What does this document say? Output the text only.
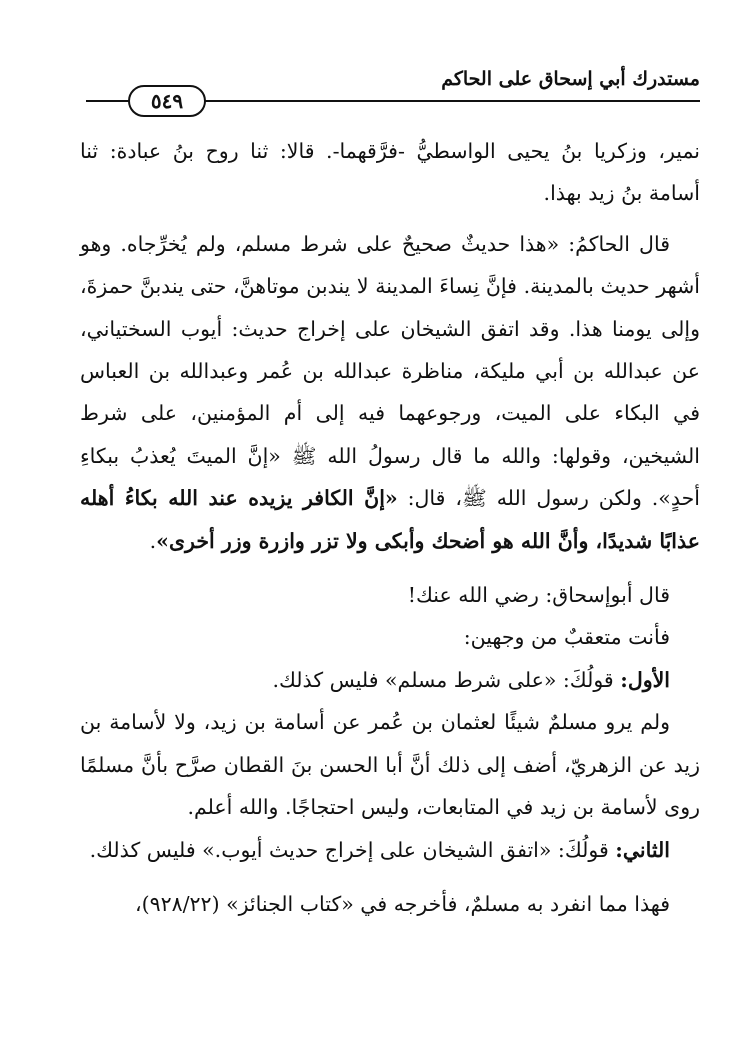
مستدرك أبي إسحاق على الحاكم
٥٤٩

نمير، وزكريا بنُ يحيى الواسطيُّ -فرَّقهما-. قالا: ثنا روح بنُ عبادة: ثنا أسامة بنُ زيد بهذا.

قال الحاكمُ: «هذا حديثٌ صحيحٌ على شرط مسلم، ولم يُخرِّجاه. وهو أشهر حديث بالمدينة. فإنَّ نِساءَ المدينة لا يندبن موتاهنَّ، حتى يندبنَّ حمزةَ، وإلى يومنا هذا. وقد اتفق الشيخان على إخراج حديث: أيوب السختياني، عن عبدالله بن أبي مليكة، مناظرة عبدالله بن عُمر وعبدالله بن العباس في البكاء على الميت، ورجوعهما فيه إلى أم المؤمنين، على شرط الشيخين، وقولها: والله ما قال رسولُ الله ﷺ «إنَّ الميتَ يُعذبُ ببكاءِ أحدٍ». ولكن رسول الله ﷺ، قال: «إنَّ الكافر يزيده عند الله بكاءُ أهله عذابًا شديدًا، وأنَّ الله هو أضحك وأبكى ولا تزر وازرة وزر أخرى».

قال أبوإسحاق: رضي الله عنك!

فأنت متعقبٌ من وجهين:

الأول: قولُكَ: «على شرط مسلم» فليس كذلك.

ولم يرو مسلمٌ شيئًا لعثمان بن عُمر عن أسامة بن زيد، ولا لأسامة بن زيد عن الزهريّ، أضف إلى ذلك أنَّ أبا الحسن بنَ القطان صرَّح بأنَّ مسلمًا روى لأسامة بن زيد في المتابعات، وليس احتجاجًا. والله أعلم.

الثاني: قولُكَ: «اتفق الشيخان على إخراج حديث أيوب.» فليس كذلك.

فهذا مما انفرد به مسلمٌ، فأخرجه في «كتاب الجنائز» (٩٢٨/٢٢)،
